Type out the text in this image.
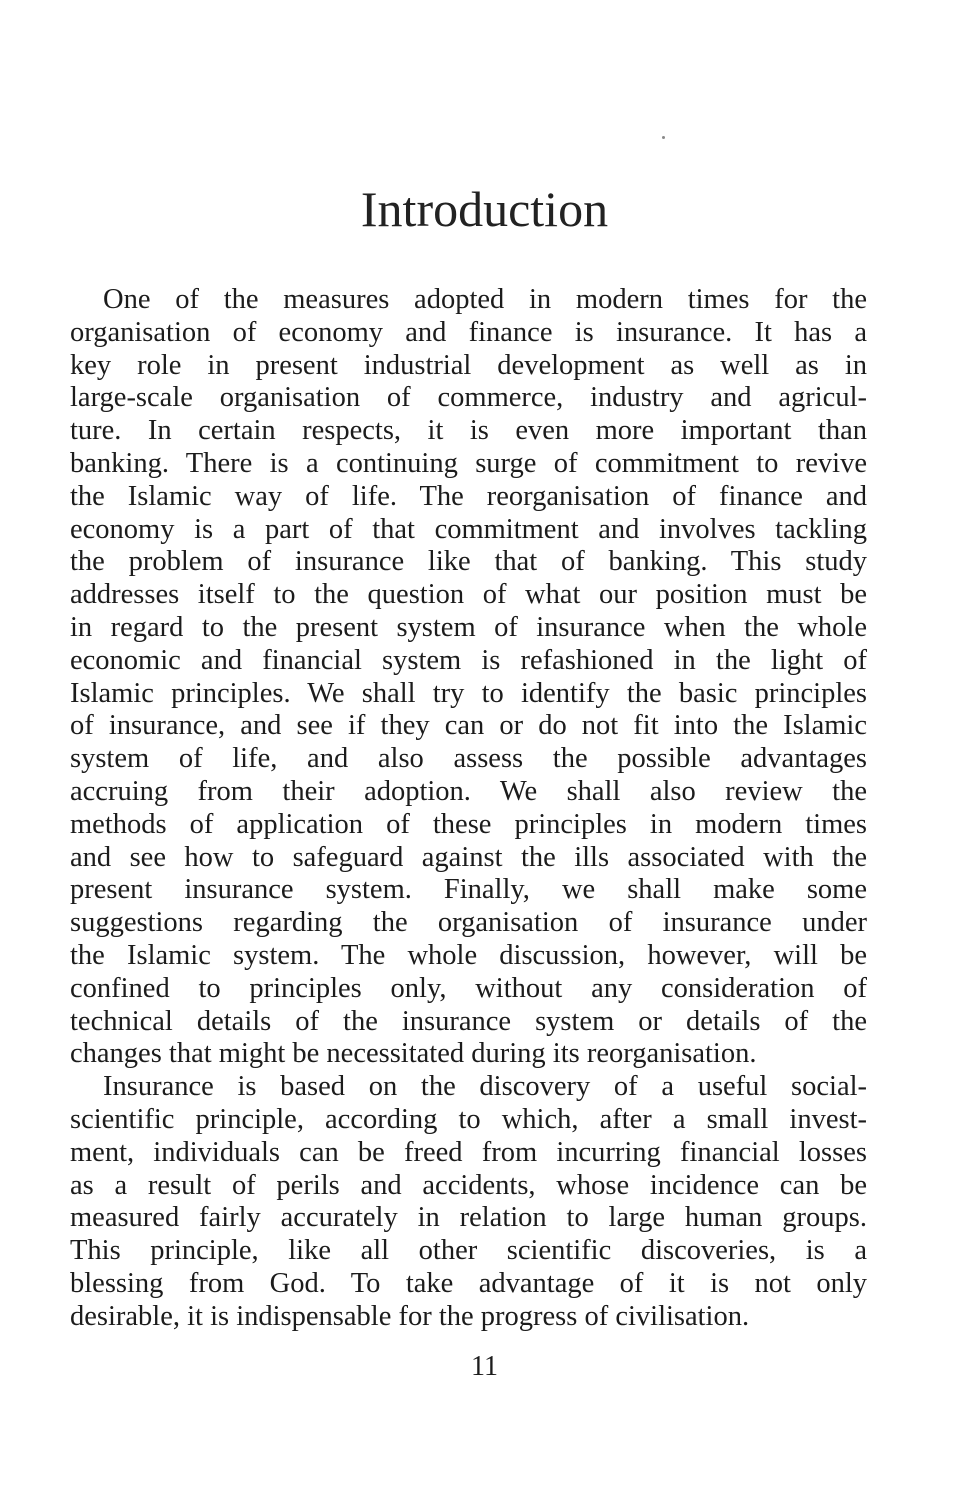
Introduction
One of the measures adopted in modern times for the
organisation of economy and finance is insurance. It has a
key role in present industrial development as well as in
large-scale organisation of commerce, industry and agricul-
ture. In certain respects, it is even more important than
banking. There is a continuing surge of commitment to revive
the Islamic way of life. The reorganisation of finance and
economy is a part of that commitment and involves tackling
the problem of insurance like that of banking. This study
addresses itself to the question of what our position must be
in regard to the present system of insurance when the whole
economic and financial system is refashioned in the light of
Islamic principles. We shall try to identify the basic principles
of insurance, and see if they can or do not fit into the Islamic
system of life, and also assess the possible advantages
accruing from their adoption. We shall also review the
methods of application of these principles in modern times
and see how to safeguard against the ills associated with the
present insurance system. Finally, we shall make some
suggestions regarding the organisation of insurance under
the Islamic system. The whole discussion, however, will be
confined to principles only, without any consideration of
technical details of the insurance system or details of the
changes that might be necessitated during its reorganisation.
Insurance is based on the discovery of a useful social-
scientific principle, according to which, after a small invest-
ment, individuals can be freed from incurring financial losses
as a result of perils and accidents, whose incidence can be
measured fairly accurately in relation to large human groups.
This principle, like all other scientific discoveries, is a
blessing from God. To take advantage of it is not only
desirable, it is indispensable for the progress of civilisation.
11
